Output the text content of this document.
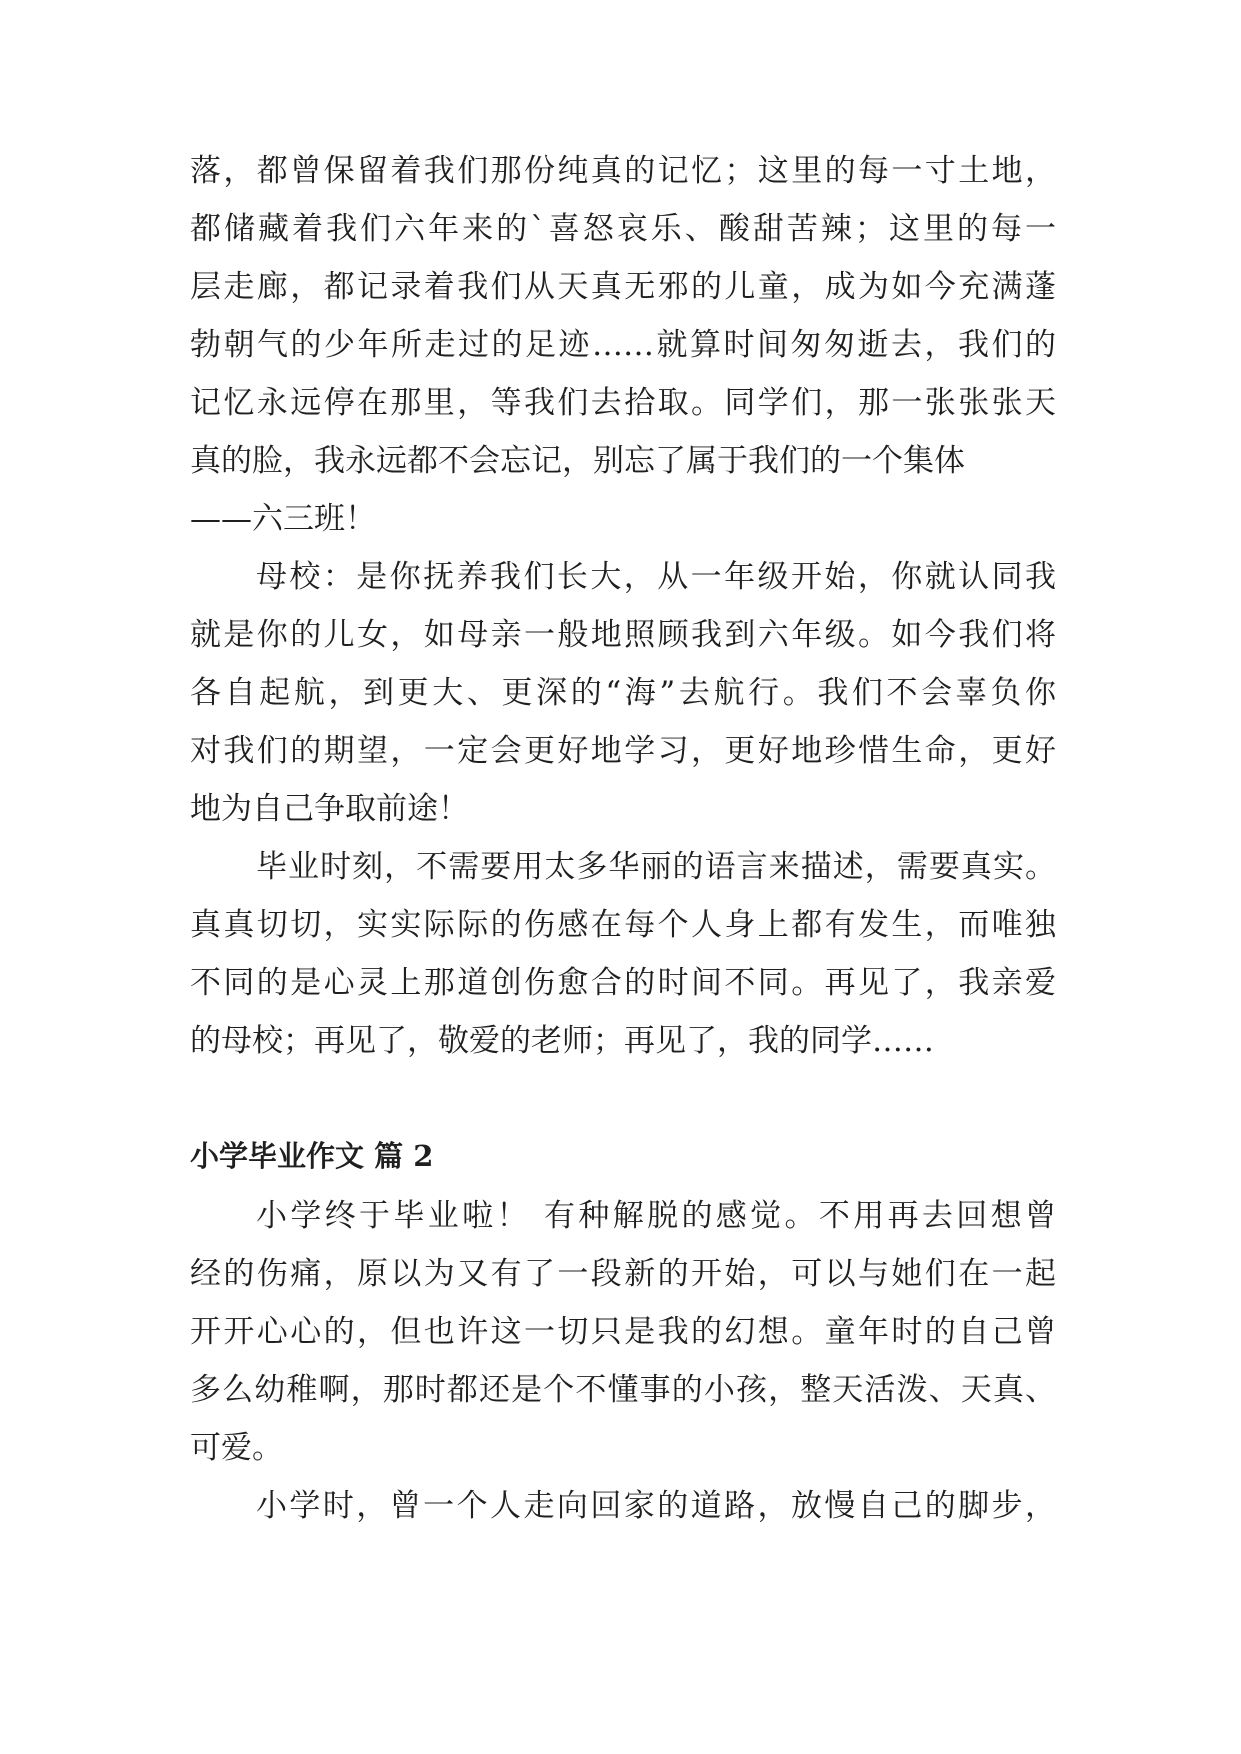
落，都曾保留着我们那份纯真的记忆；这里的每一寸土地，

都储藏着我们六年来的`喜怒哀乐、酸甜苦辣；这里的每一

层走廊，都记录着我们从天真无邪的儿童，成为如今充满蓬

勃朝气的少年所走过的足迹……就算时间匆匆逝去，我们的

记忆永远停在那里，等我们去拾取。同学们，那一张张张天

真的脸，我永远都不会忘记，别忘了属于我们的一个集体

——六三班！

母校：是你抚养我们长大，从一年级开始，你就认同我

就是你的儿女，如母亲一般地照顾我到六年级。如今我们将

各自起航，到更大、更深的“海”去航行。我们不会辜负你

对我们的期望，一定会更好地学习，更好地珍惜生命，更好

地为自己争取前途！

毕业时刻，不需要用太多华丽的语言来描述，需要真实。

真真切切，实实际际的伤感在每个人身上都有发生，而唯独

不同的是心灵上那道创伤愈合的时间不同。再见了，我亲爱

的母校；再见了，敬爱的老师；再见了，我的同学……

小学毕业作文 篇 2

小学终于毕业啦！ 有种解脱的感觉。不用再去回想曾

经的伤痛，原以为又有了一段新的开始，可以与她们在一起

开开心心的，但也许这一切只是我的幻想。童年时的自己曾

多么幼稚啊，那时都还是个不懂事的小孩，整天活泼、天真、

可爱。

小学时，曾一个人走向回家的道路，放慢自己的脚步，
